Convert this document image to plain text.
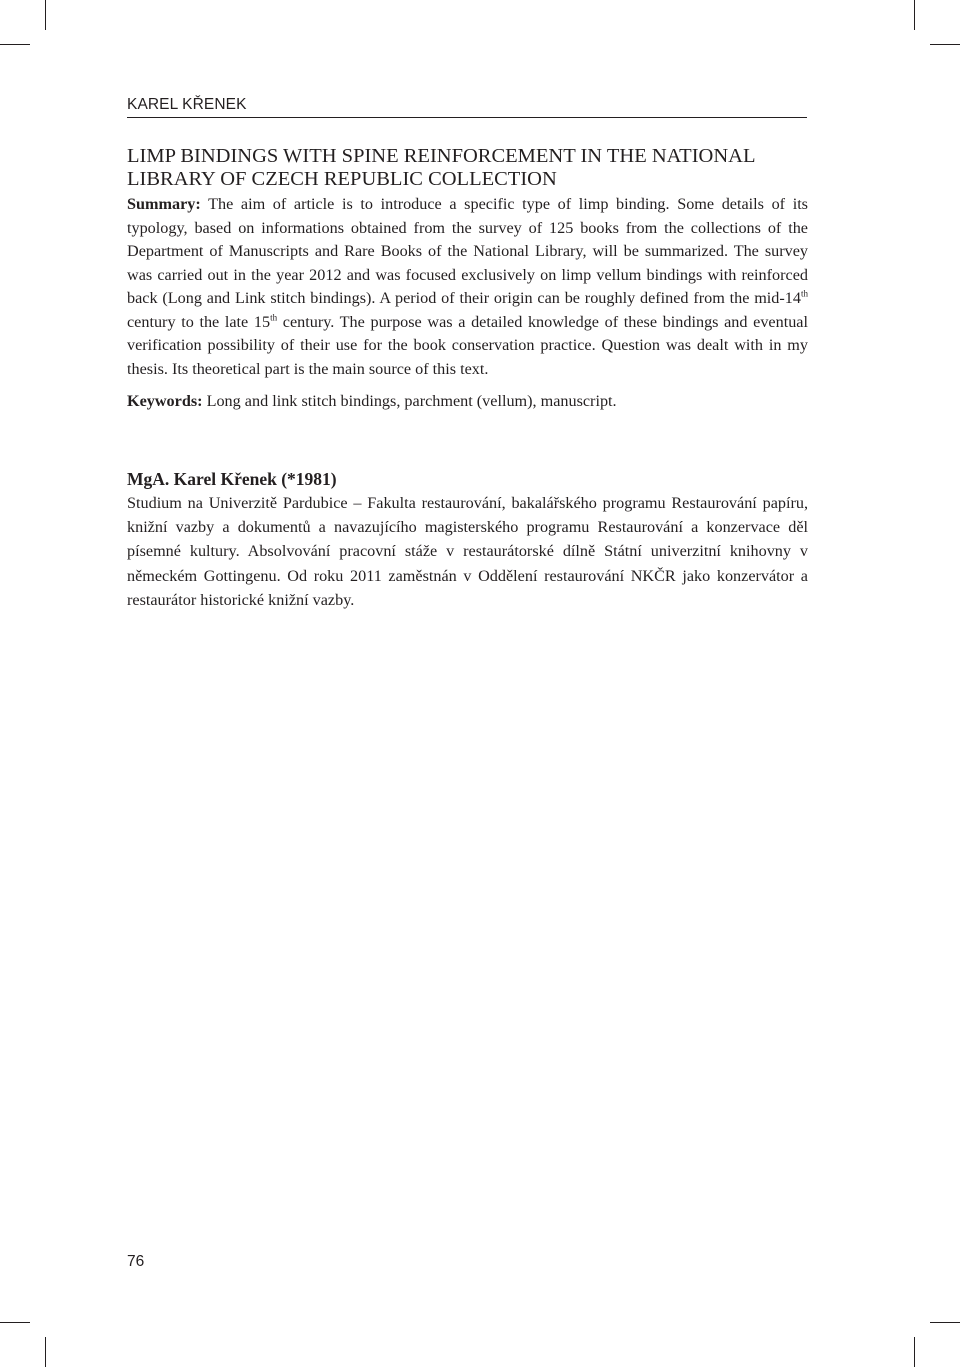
KAREL KŘENEK
LIMP BINDINGS WITH SPINE REINFORCEMENT IN THE NATIONAL LIBRARY OF CZECH REPUBLIC COLLECTION
Summary: The aim of article is to introduce a specific type of limp binding. Some details of its typology, based on informations obtained from the survey of 125 books from the collections of the Department of Manuscripts and Rare Books of the National Library, will be summarized. The survey was carried out in the year 2012 and was focused exclusively on limp vellum bindings with reinforced back (Long and Link stitch bindings). A period of their origin can be roughly defined from the mid-14th century to the late 15th century. The purpose was a detailed knowledge of these bindings and eventual verification possibility of their use for the book conservation practice. Question was dealt with in my thesis. Its theoretical part is the main source of this text.
Keywords: Long and link stitch bindings, parchment (vellum), manuscript.
MgA. Karel Křenek (*1981)
Studium na Univerzitě Pardubice – Fakulta restaurování, bakalářského programu Restaurování papíru, knižní vazby a dokumentů a navazujícího magisterského programu Restaurování a konzervace děl písemné kultury. Absolvování pracovní stáže v restaurátorské dílně Státní univerzitní knihovny v německém Gottingenu. Od roku 2011 zaměstnán v Oddělení restaurování NKČR jako konzervátor a restaurátor historické knižní vazby.
76
